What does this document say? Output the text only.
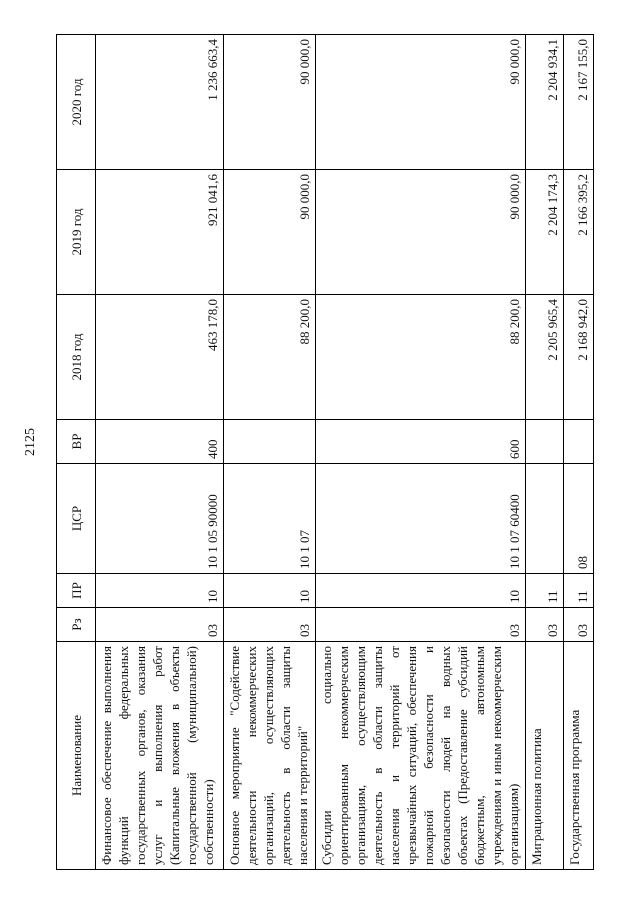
2125
Наименование	Рз	ПР	ЦСР	ВР	2018 год	2019 год	2020 год
Финансовое обеспечение выполнения функций федеральных государственных органов, оказания услуг и выполнения работ (Капитальные вложения в объекты государственной (муниципальной) собственности)	03	10	10 1 05 90000	400	463 178,0	921 041,6	1 236 663,4
Основное мероприятие "Содействие деятельности некоммерческих организаций, осуществляющих деятельность в области защиты населения и территорий"	03	10	10 1 07		88 200,0	90 000,0	90 000,0
Субсидии социально ориентированным некоммерческим организациям, осуществляющим деятельность в области защиты населения и территорий от чрезвычайных ситуаций, обеспечения пожарной безопасности и безопасности людей на водных объектах (Предоставление субсидий бюджетным, автономным учреждениям и иным некоммерческим организациям)	03	10	10 1 07 60400	600	88 200,0	90 000,0	90 000,0
Миграционная политика	03	11			2 205 965,4	2 204 174,3	2 204 934,1
Государственная программа	03	11	08		2 168 942,0	2 166 395,2	2 167 155,0
